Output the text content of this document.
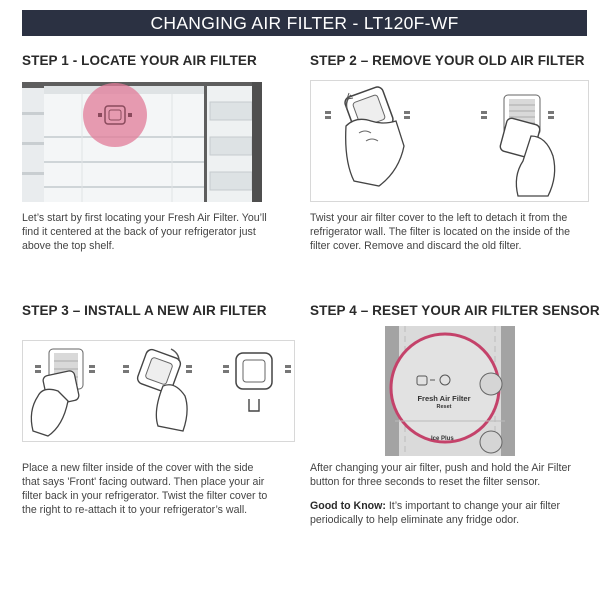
CHANGING AIR FILTER - LT120F-WF
STEP 1 - LOCATE YOUR AIR FILTER
Let’s start by first locating your Fresh Air Filter. You’ll find it centered at the back of your refrigerator just above the top shelf.
STEP 2 – REMOVE YOUR OLD AIR FILTER
Twist your air filter cover to the left to detach it from the refrigerator wall. The filter is located on the inside of the filter cover. Remove and discard the old filter.
STEP 3 – INSTALL A NEW AIR FILTER
Place a new filter inside of the cover with the side that says 'Front' facing outward. Then place your air filter back in your refrigerator. Twist the filter cover to the right to re-attach it to your refrigerator’s wall.
STEP 4 – RESET YOUR AIR FILTER SENSOR
Fresh Air Filter
Reset
Ice Plus

After changing your air filter, push and hold the Air Filter button for three seconds to reset the filter sensor.

Good to Know: It’s important to change your air filter periodically to help eliminate any fridge odor.
